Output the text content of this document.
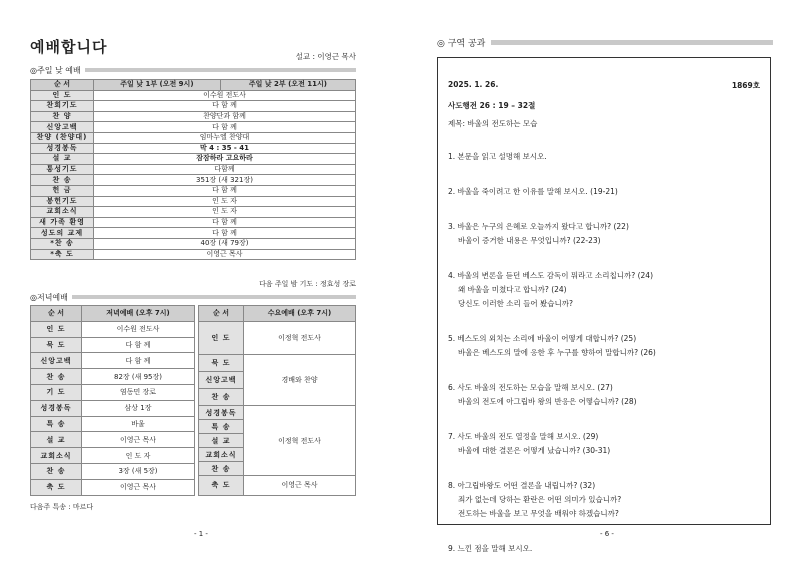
예배합니다
설교 : 이영근 목사
◎주일 낮 예배
순 서	주일 낮 1부 (오전 9시)	주일 낮 2부 (오전 11시)
인 도	이수원 전도사	
찬회기도	다 함 께	
찬 양	찬양단과 함께	
신앙고백	다 함 께	
찬양 (찬양대)	임마누엘 찬양대	
성경봉독	막 4 : 35 - 41	
설 교	잠잠하라 고요하라	
통성기도	다함께	
찬 송	351장 (새 321장)	
헌 금	다 함 께	
봉헌기도	인 도 자	
교회소식	인 도 자	
새 가족 환영	다 함 께	
성도의 교제	다 함 께	
*찬 송	40장 (새 79장)	
*축 도	이영근 목사	
다음 주일 밤 기도 : 정효성 장로
◎저녁예배
순 서	저녁예배 (오후 7시)
인 도	이수원 전도사
묵 도	다 함 께
신앙고백	다 함 께
찬 송	82장 (새 95장)
기 도	염동민 장로
성경봉독	삼상 1장
특 송	바울
설 교	이영근 목사
교회소식	인 도 자
찬 송	3장 (새 5장)
축 도	이영근 목사
순 서	수요예배 (오후 7시)
인 도	이정혁 전도사
묵 도	경배와 찬양
신앙고백	
찬 송	
성경봉독	이정혁 전도사
특 송	
설 교	
교회소식	
찬 송	
축 도	이영근 목사
다음주 특송 : 마르다
- 1 -
◎ 구역 공과
2025. 1. 26.	1869호
사도행전 26 : 19 – 32절
제목: 바울의 전도하는 모습
1. 본문을 읽고 설명해 보시오.
2. 바울을 죽이려고 한 이유를 말해 보시오. (19-21)
3. 바울은 누구의 은혜로 오늘까지 왔다고 합니까? (22)
바울이 증거한 내용은 무엇입니까? (22-23)
4. 바울의 변론을 듣던 베스도 감독이 뭐라고 소리칩니까? (24)
왜 바울을 미쳤다고 합니까? (24)
당신도 이러한 소리 들어 봤습니까?
5. 베스도의 외치는 소리에 바울이 어떻게 대합니까? (25)
바울은 베스도의 말에 응한 후 누구를 향하여 말합니까? (26)
6. 사도 바울의 전도하는 모습을 말해 보시오. (27)
바울의 전도에 아그립바 왕의 반응은 어떻습니까? (28)
7. 사도 바울의 전도 열정을 말해 보시오. (29)
바울에 대한 결론은 어떻게 났습니까? (30-31)
8. 아그립바왕도 어떤 결론을 내립니까? (32)
죄가 없는데 당하는 환란은 어떤 의미가 있습니까?
전도하는 바울을 보고 무엇을 배워야 하겠습니까?
9. 느낀 점을 말해 보시오.
- 6 -
